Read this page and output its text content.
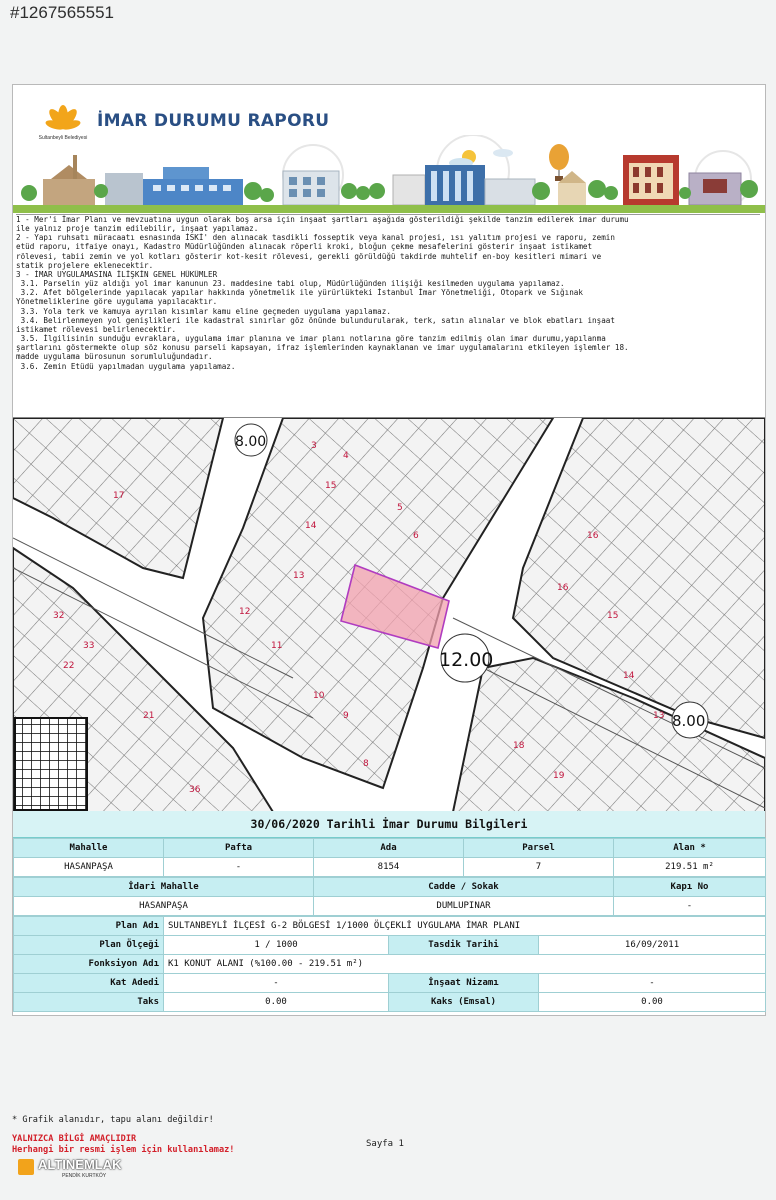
#1267565551
Sultanbeyli Belediyesi
İMAR DURUMU RAPORU
1 - Mer'i İmar Planı ve mevzuatına uygun olarak boş arsa için inşaat şartları aşağıda gösterildiği şekilde tanzim edilerek imar durumu
ile yalnız proje tanzim edilebilir, inşaat yapılamaz.
2 - Yapı ruhsatı müracaatı esnasında İSKİ' den alınacak tasdikli fosseptik veya kanal projesi, ısı yalıtım projesi ve raporu, zemin
etüd raporu, itfaiye onayı, Kadastro Müdürlüğünden alınacak röperli kroki, bloğun çekme mesafelerini gösterir inşaat istikamet
rölevesi, tabii zemin ve yol kotları gösterir kot-kesit rölevesi, gerekli görüldüğü takdirde muhtelif en-boy kesitleri mimari ve
statik projelere eklenecektir.
3 - İMAR UYGULAMASINA İLİŞKİN GENEL HÜKÜMLER
3.1. Parselin yüz aldığı yol imar kanunun 23. maddesine tabi olup, Müdürlüğünden ilişiği kesilmeden uygulama yapılamaz.
3.2. Afet bölgelerinde yapılacak yapılar hakkında yönetmelik ile yürürlükteki İstanbul İmar Yönetmeliği, Otopark ve Sığınak
Yönetmeliklerine göre uygulama yapılacaktır.
3.3. Yola terk ve kamuya ayrılan kısımlar kamu eline geçmeden uygulama yapılamaz.
3.4. Belirlenmeyen yol genişlikleri ile kadastral sınırlar göz önünde bulundurularak, terk, satın alınalar ve blok ebatları inşaat
istikamet rölevesi belirlenecektir.
3.5. İlgilisinin sunduğu evraklara, uygulama imar planına ve imar planı notlarına göre tanzim edilmiş olan imar durumu,yapılanma
şartlarını göstermekte olup söz konusu parseli kapsayan, ifraz işlemlerinden kaynaklanan ve imar uygulamalarını etkileyen işlemler 18.
madde uygulama bürosunun sorumluluğundadır.
3.6. Zemin Etüdü yapılmadan uygulama yapılamaz.
8.00
12.00
8.00
15
14
13
12
11
10
9
8
6
5
4
3
16
15
14
13
18
19
16
33
32
36
21
22
17
30/06/2020 Tarihli İmar Durumu Bilgileri
Mahalle	Pafta	Ada	Parsel	Alan *
HASANPAŞA	-	8154	7	219.51 m²
İdari Mahalle	Cadde / Sokak	Kapı No
HASANPAŞA	DUMLUPINAR	-
Plan Adı	SULTANBEYLİ İLÇESİ G-2 BÖLGESİ 1/1000 ÖLÇEKLİ UYGULAMA İMAR PLANI		
Plan Ölçeği	1 / 1000	Tasdik Tarihi	16/09/2011
Fonksiyon Adı	K1 KONUT ALANI (%100.00 - 219.51 m²)		
Kat Adedi	-	İnşaat Nizamı	-
Taks	0.00	Kaks (Emsal)	0.00
* Grafik alanıdır, tapu alanı değildir!
YALNIZCA BİLGİ AMAÇLIDIR
Herhangi bir resmi işlem için kullanılamaz!
Sayfa 1
ALTINEMLAK
PENDİK KURTKÖY
